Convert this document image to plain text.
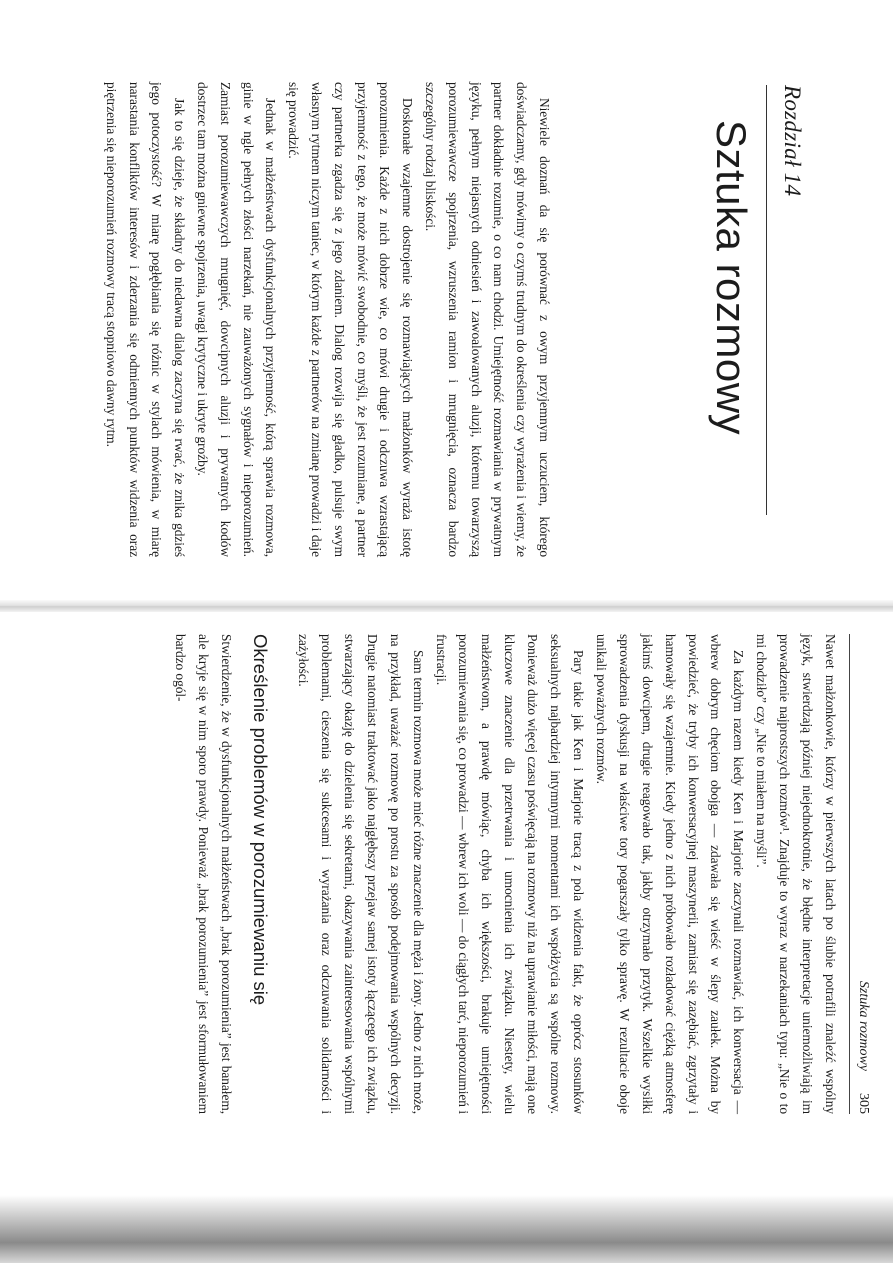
Rozdział 14
Sztuka rozmowy

Niewiele doznań da się porównać z owym przyjemnym uczuciem, którego doświadczamy, gdy mówimy o czymś trudnym do określenia czy wyrażenia i wiemy, że partner dokładnie rozumie, o co nam chodzi. Umiejętność rozmawiania w prywatnym języku, pełnym niejasnych odniesień i zawoalowanych aluzji, któremu towarzyszą porozumiewawcze spojrzenia, wzruszenia ramion i mrugnięcia, oznacza bardzo szczególny rodzaj bliskości.

Doskonałe wzajemne dostrojenie się rozmawiających małżonków wyraża istotę porozumienia. Każde z nich dobrze wie, co mówi drugie i odczuwa wzrastającą przyjemność z tego, że może mówić swobodnie, co myśli, że jest rozumiane, a partner czy partnerka zgadza się z jego zdaniem. Dialog rozwija się gładko, pulsuje swym własnym rytmem niczym taniec, w którym każde z partnerów na zmianę prowadzi i daje się prowadzić.

Jednak w małżeństwach dysfunkcjonalnych przyjemność, którą sprawia rozmowa, ginie w ngle pełnych złości narzekań, nie zauważonych sygnałów i nieporozumień. Zamiast porozumiewawczych mrugnięć, dowcipnych aluzji i prywatnych kodów dostrzec tam można gniewne spojrzenia, uwagi krytyczne i ukryte groźby.

Jak to się dzieje, że składny do niedawna dialog zaczyna się rwać, że znika gdzieś jego potoczystość? W miarę pogłębiania się różnic w stylach mówienia, w miarę narastania konfliktów interesów i zderzania się odmiennych punktów widzenia oraz piętrzenia się nieporozumień rozmowy tracą stopniowo dawny rytm.

Sztuka rozmowy
305

Nawet małżonkowie, którzy w pierwszych latach po ślubie potrafili znaleźć wspólny język, stwierdzają później niejednokrotnie, że błędne interpretacje uniemożliwiają im prowadzenie najprostszych rozmów¹. Znajduje to wyraz w narzekaniach typu: „Nie o to mi chodziło” czy „Nie to miałem na myśli”.

Za każdym razem kiedy Ken i Marjorie zaczynali rozmawiać, ich konwersacja — wbrew dobrym chęciom obojga — zdawała się wieść w ślepy zaułek. Można by powiedzieć, że tryby ich konwersacyjnej maszynerii, zamiast się zazębiać, zgrzytały i hamowały się wzajemnie. Kiedy jedno z nich próbowało rozładować ciężką atmosferę jakimś dowcipem, drugie reagowało tak, jakby otrzymało przytyk. Wszelkie wysiłki sprowadzenia dyskusji na właściwe tory pogarszały tylko sprawę. W rezultacie oboje unikali poważnych rozmów.

Pary takie jak Ken i Marjorie tracą z pola widzenia fakt, że oprócz stosunków seksualnych najbardziej intymnymi momentami ich współżycia są wspólne rozmowy. Ponieważ dużo więcej czasu poświęcają na rozmowy niż na uprawianie miłości, mają one kluczowe znaczenie dla przetrwania i umocnienia ich związku. Niestety, wielu małżeństwom, a prawdę mówiąc, chyba ich większości, brakuje umiejętności porozumiewania się, co prowadzi — wbrew ich woli — do ciągłych tarć, nieporozumień i frustracji.

Sam termin rozmowa może mieć różne znaczenie dla męża i żony. Jedno z nich może, na przykład, uważać rozmowę po prostu za sposób podejmowania wspólnych decyzji. Drugie natomiast traktować jako najgłębszy przejaw samej istoty łączącego ich związku, stwarzający okazję do dzielenia się sekretami, okazywania zainteresowania wspólnymi problemami, cieszenia się sukcesami i wyrażania oraz odczuwania solidarności i zażyłości.

Określenie problemów w porozumiewaniu się

Stwierdzenie, że w dysfunkcjonalnych małżeństwach „brak porozumienia” jest banałem, ale kryje się w nim sporo prawdy. Ponieważ „brak porozumienia” jest sformułowaniem bardzo ogól-
